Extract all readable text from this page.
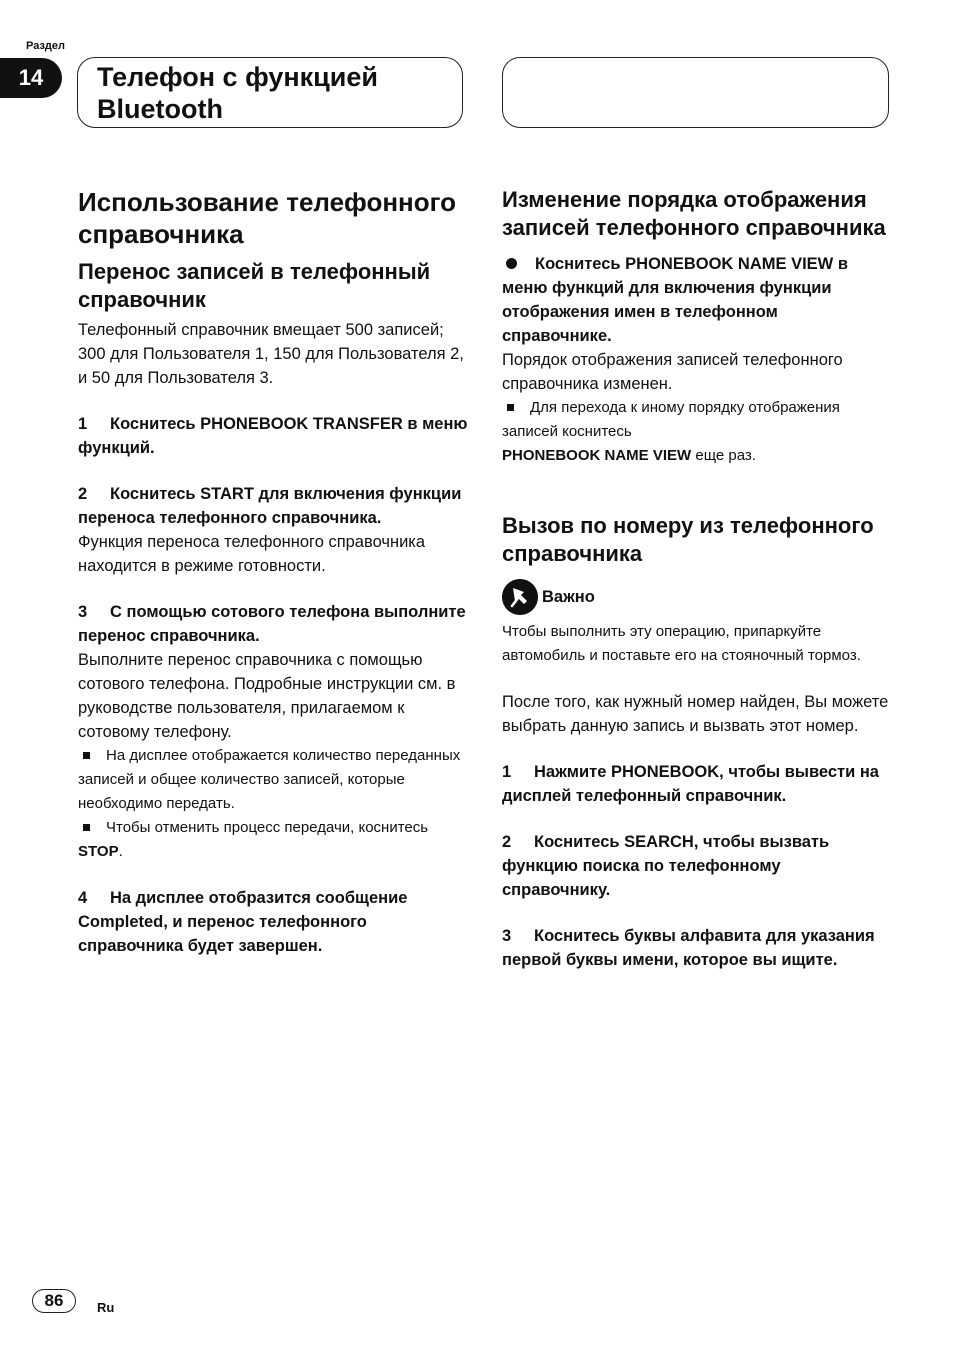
Раздел
14	Телефон с функцией Bluetooth
Использование телефонного справочника
Перенос записей в телефонный справочник

Телефонный справочник вмещает 500 записей; 300 для Пользователя 1, 150 для Пользователя 2, и 50 для Пользователя 3.

1 Коснитесь PHONEBOOK TRANSFER в меню функций.

2 Коснитесь START для включения функции переноса телефонного справочника.

Функция переноса телефонного справочника находится в режиме готовности.

3 С помощью сотового телефона выполните перенос справочника.

Выполните перенос справочника с помощью сотового телефона. Подробные инструкции см. в руководстве пользователя, прилагаемом к сотовому телефону.

На дисплее отображается количество переданных записей и общее количество записей, которые необходимо передать.

Чтобы отменить процесс передачи, коснитесь STOP.

4 На дисплее отобразится сообщение Completed, и перенос телефонного справочника будет завершен.

Изменение порядка отображения записей телефонного справочника

Коснитесь PHONEBOOK NAME VIEW в меню функций для включения функции отображения имен в телефонном справочнике.

Порядок отображения записей телефонного справочника изменен.

Для перехода к иному порядку отображения записей коснитесь

PHONEBOOK NAME VIEW еще раз.

Вызов по номеру из телефонного справочника
Важно

Чтобы выполнить эту операцию, припаркуйте автомобиль и поставьте его на стояночный тормоз.

После того, как нужный номер найден, Вы можете выбрать данную запись и вызвать этот номер.

1 Нажмите PHONEBOOK, чтобы вывести на дисплей телефонный справочник.

2 Коснитесь SEARCH, чтобы вызвать функцию поиска по телефонному справочнику.

3 Коснитесь буквы алфавита для указания первой буквы имени, которое вы ищите.

86	Ru
